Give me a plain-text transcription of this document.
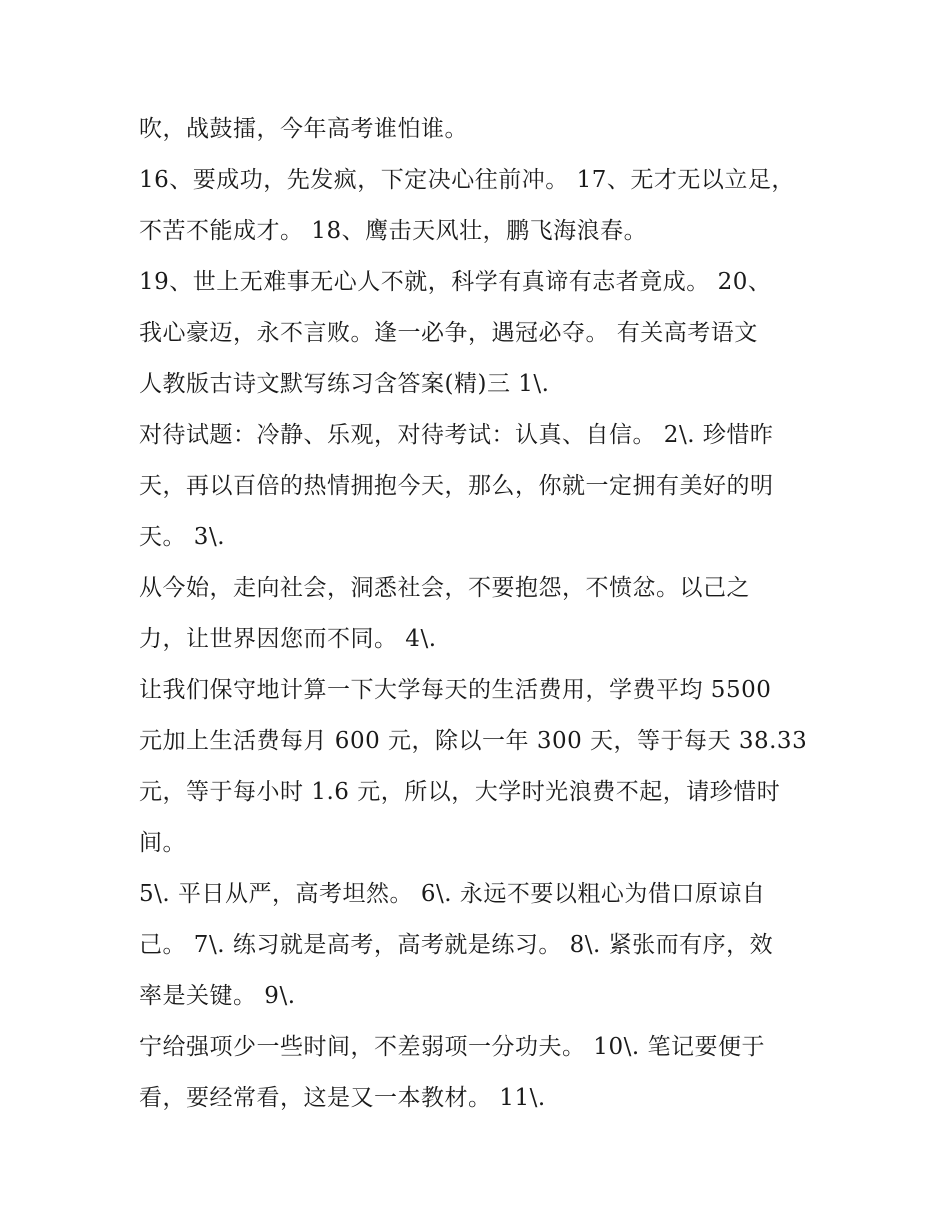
吹，战鼓擂，今年高考谁怕谁。
16、要成功，先发疯，下定决心往前冲。 17、无才无以立足，
不苦不能成才。 18、鹰击天风壮，鹏飞海浪春。
19、世上无难事无心人不就，科学有真谛有志者竟成。 20、
我心豪迈，永不言败。逢一必争，遇冠必夺。 有关高考语文
人教版古诗文默写练习含答案(精)三 1\.
对待试题：冷静、乐观，对待考试：认真、自信。 2\. 珍惜昨
天，再以百倍的热情拥抱今天，那么，你就一定拥有美好的明
天。 3\.
从今始，走向社会，洞悉社会，不要抱怨，不愤忿。以己之
力，让世界因您而不同。 4\.
让我们保守地计算一下大学每天的生活费用，学费平均 5500
元加上生活费每月 600 元，除以一年 300 天，等于每天 38.33
元，等于每小时 1.6 元，所以，大学时光浪费不起，请珍惜时
间。
5\. 平日从严，高考坦然。 6\. 永远不要以粗心为借口原谅自
己。 7\. 练习就是高考，高考就是练习。 8\. 紧张而有序，效
率是关键。 9\.
宁给强项少一些时间，不差弱项一分功夫。 10\. 笔记要便于
看，要经常看，这是又一本教材。 11\.
